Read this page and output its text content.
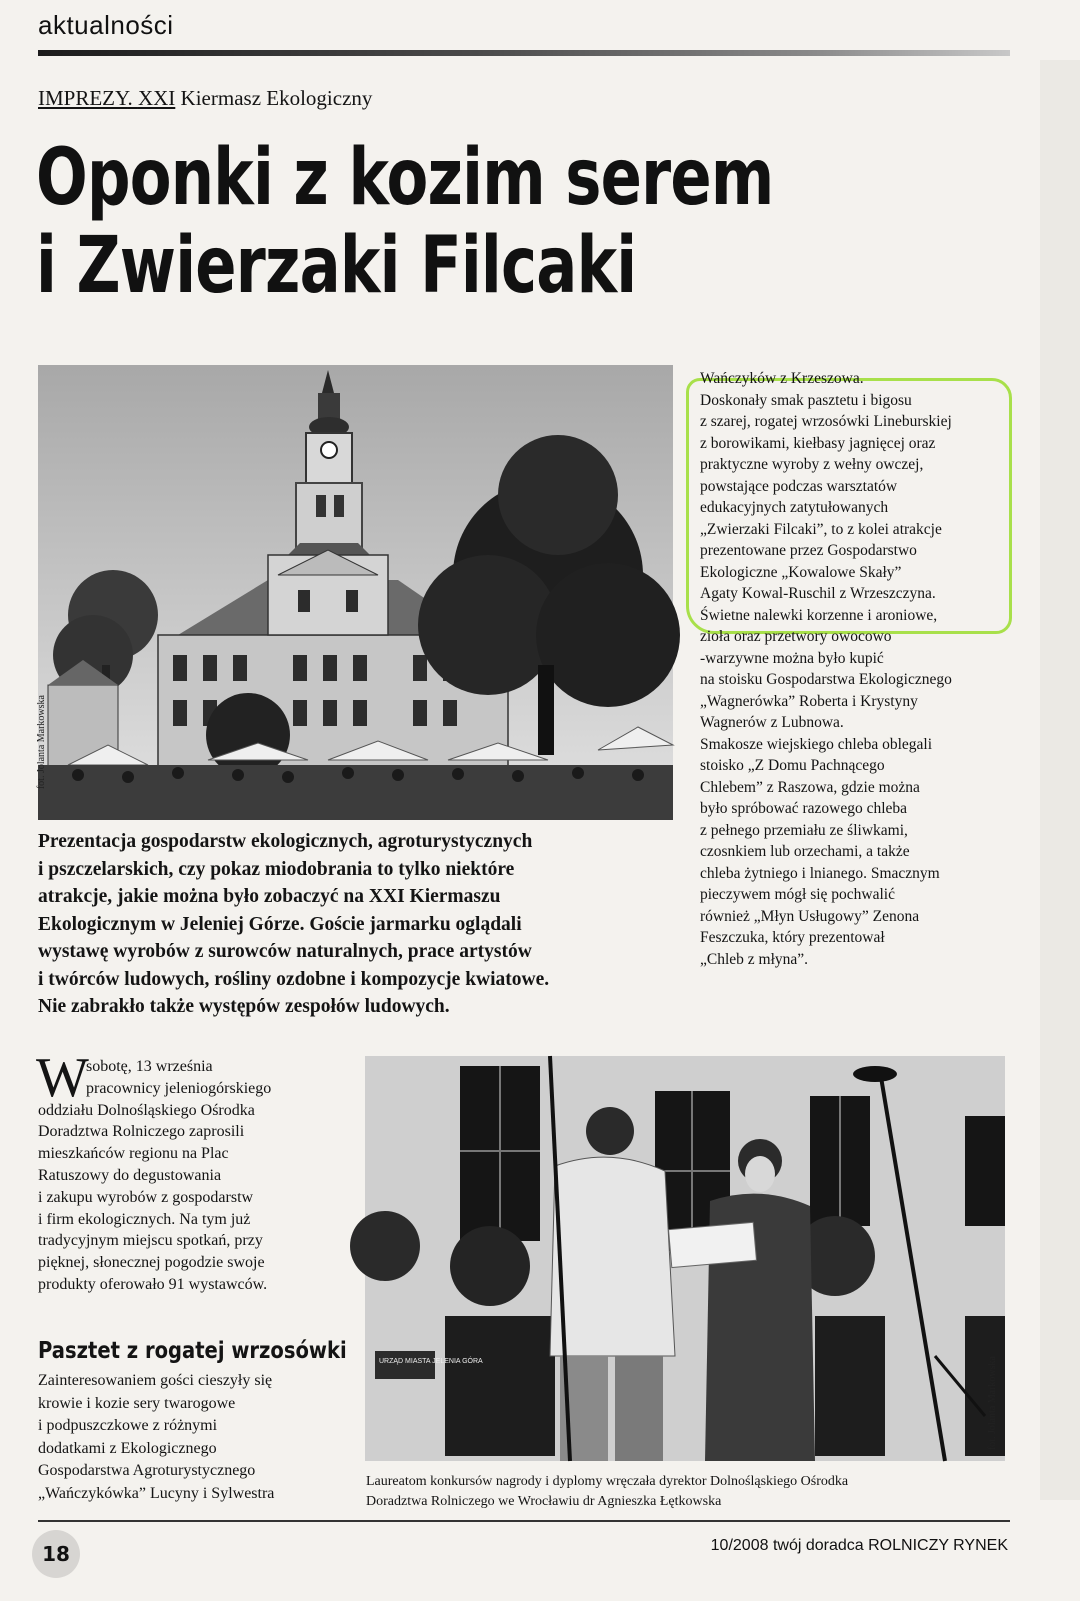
aktualności
IMPREZY. XXI Kiermasz Ekologiczny
Oponki z kozim serem
i Zwierzaki Filcaki
fot. Jolanta Markowska

Prezentacja gospodarstw ekologicznych, agroturystycznych

i pszczelarskich, czy pokaz miodobrania to tylko niektóre

atrakcje, jakie można było zobaczyć na XXI Kiermaszu

Ekologicznym w Jeleniej Górze. Goście jarmarku oglądali

wystawę wyrobów z surowców naturalnych, prace artystów

i twórców ludowych, rośliny ozdobne i kompozycje kwiatowe.

Nie zabrakło także występów zespołów ludowych.

Wańczyków z Krzeszowa.
Doskonały smak pasztetu i bigosu
z szarej, rogatej wrzosówki Lineburskiej
z borowikami, kiełbasy jagnięcej oraz
praktyczne wyroby z wełny owczej,
powstające podczas warsztatów
edukacyjnych zatytułowanych
„Zwierzaki Filcaki”, to z kolei atrakcje
prezentowane przez Gospodarstwo
Ekologiczne „Kowalowe Skały”
Agaty Kowal-Ruschil z Wrzeszczyna.
Świetne nalewki korzenne i aroniowe,
zioła oraz przetwory owocowo
-warzywne można było kupić
na stoisku Gospodarstwa Ekologicznego
„Wagnerówka” Roberta i Krystyny
Wagnerów z Lubnowa.
Smakosze wiejskiego chleba oblegali
stoisko „Z Domu Pachnącego
Chlebem” z Raszowa, gdzie można
było spróbować razowego chleba
z pełnego przemiału ze śliwkami,
czosnkiem lub orzechami, a także
chleba żytniego i lnianego. Smacznym
pieczywem mógł się pochwalić
również „Młyn Usługowy” Zenona
Feszczuka, który prezentował
„Chleb z młyna”.
W
sobotę, 13 września
pracownicy jeleniogórskiego
oddziału Dolnośląskiego Ośrodka
Doradztwa Rolniczego zaprosili
mieszkańców regionu na Plac
Ratuszowy do degustowania
i zakupu wyrobów z gospodarstw
i firm ekologicznych. Na tym już
tradycyjnym miejscu spotkań, przy
pięknej, słonecznej pogodzie swoje
produkty oferowało 91 wystawców.
Pasztet z rogatej wrzosówki
Zainteresowaniem gości cieszyły się
krowie i kozie sery twarogowe
i podpuszczkowe z różnymi
dodatkami z Ekologicznego
Gospodarstwa Agroturystycznego
„Wańczykówka” Lucyny i Sylwestra
URZĄD MIASTA JELENIA GÓRA	fot. Jolanta Markowska
Laureatom konkursów nagrody i dyplomy wręczała dyrektor Dolnośląskiego Ośrodka
Doradztwa Rolniczego we Wrocławiu dr Agnieszka Łętkowska
18	10/2008 twój doradca ROLNICZY RYNEK
